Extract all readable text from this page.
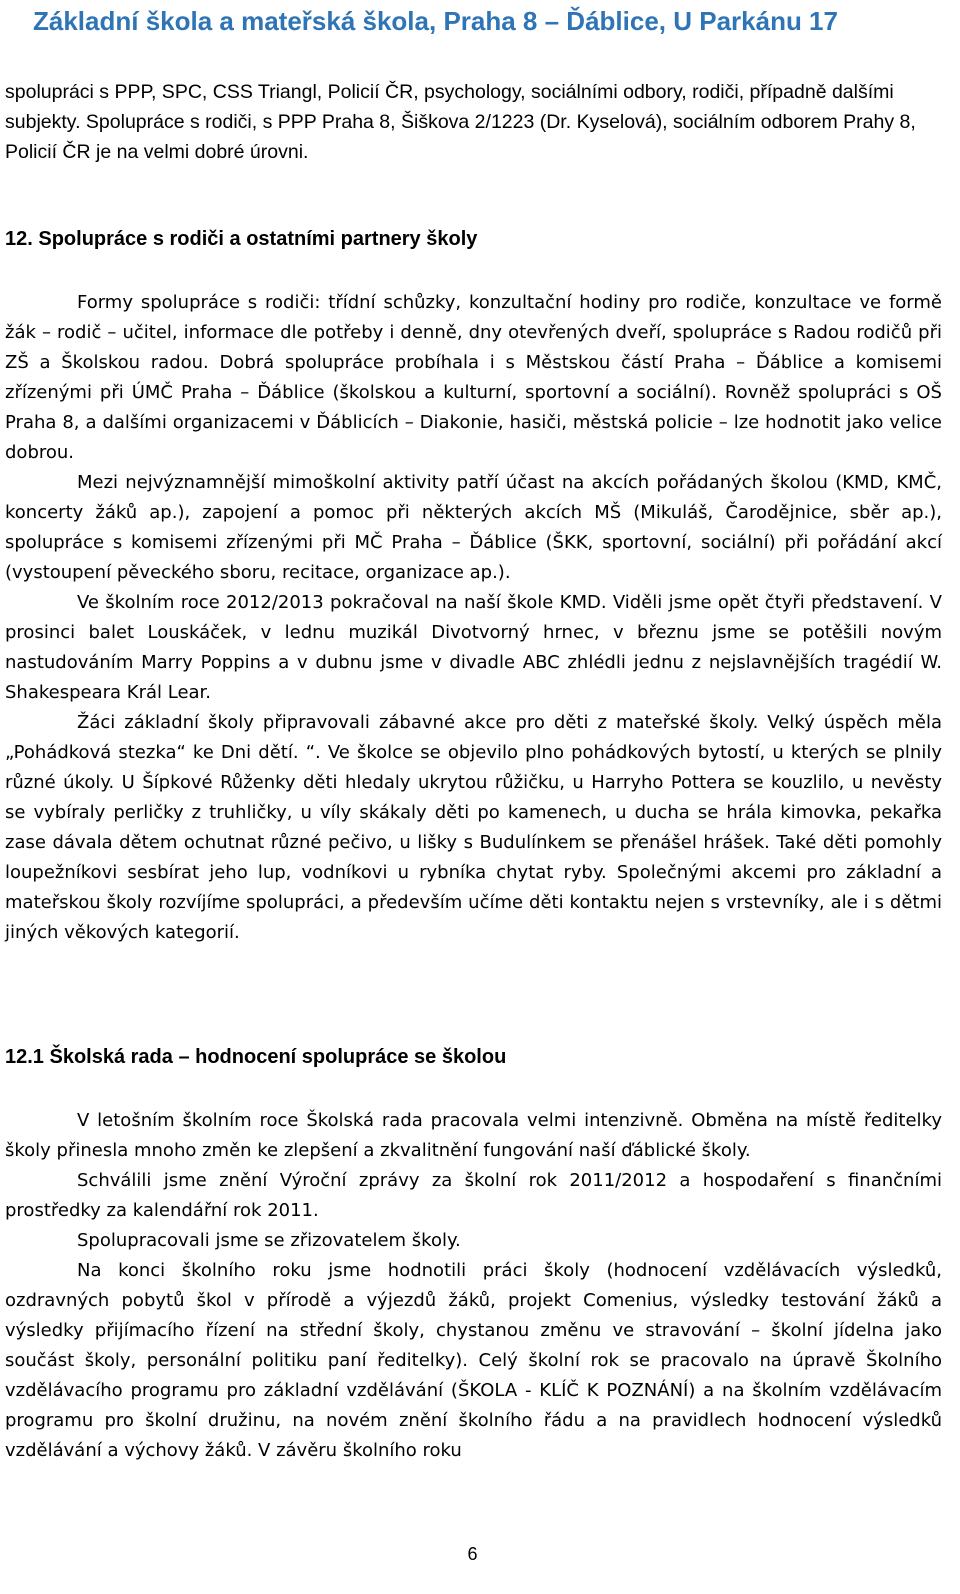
Základní škola a mateřská škola, Praha 8 – Ďáblice, U Parkánu 17
spolupráci s PPP, SPC, CSS Triangl, Policií ČR, psychology, sociálními odbory, rodiči, případně dalšími subjekty. Spolupráce s rodiči, s PPP Praha 8, Šiškova 2/1223 (Dr. Kyselová), sociálním odborem Prahy 8, Policií ČR je na velmi dobré úrovni.
12. Spolupráce s rodiči a ostatními partnery školy

Formy spolupráce s rodiči: třídní schůzky, konzultační hodiny pro rodiče, konzultace ve formě žák – rodič – učitel, informace dle potřeby i denně, dny otevřených dveří, spolupráce s Radou rodičů při ZŠ a Školskou radou. Dobrá spolupráce probíhala i s Městskou částí Praha – Ďáblice a komisemi zřízenými při ÚMČ Praha – Ďáblice (školskou a kulturní, sportovní a sociální). Rovněž spolupráci s OŠ Praha 8, a dalšími organizacemi v Ďáblicích – Diakonie, hasiči, městská policie – lze hodnotit jako velice dobrou.

Mezi nejvýznamnější mimoškolní aktivity patří účast na akcích pořádaných školou (KMD, KMČ, koncerty žáků ap.), zapojení a pomoc při některých akcích MŠ (Mikuláš, Čarodějnice, sběr ap.), spolupráce s komisemi zřízenými při MČ Praha – Ďáblice (ŠKK, sportovní, sociální) při pořádání akcí (vystoupení pěveckého sboru, recitace, organizace ap.).

Ve školním roce 2012/2013 pokračoval na naší škole KMD. Viděli jsme opět čtyři představení. V prosinci balet Louskáček, v lednu muzikál Divotvorný hrnec, v březnu jsme se potěšili novým nastudováním Marry Poppins a v dubnu jsme v divadle ABC zhlédli jednu z nejslavnějších tragédií W. Shakespeara Král Lear.

Žáci základní školy připravovali zábavné akce pro děti z mateřské školy. Velký úspěch měla „Pohádková stezka“ ke Dni dětí. “. Ve školce se objevilo plno pohádkových bytostí, u kterých se plnily různé úkoly. U Šípkové Růženky děti hledaly ukrytou růžičku, u Harryho Pottera se kouzlilo, u nevěsty se vybíraly perličky z truhličky, u víly skákaly děti po kamenech, u ducha se hrála kimovka, pekařka zase dávala dětem ochutnat různé pečivo, u lišky s Budulínkem se přenášel hrášek. Také děti pomohly loupežníkovi sesbírat jeho lup, vodníkovi u rybníka chytat ryby. Společnými akcemi pro základní a mateřskou školy rozvíjíme spolupráci, a především učíme děti kontaktu nejen s vrstevníky, ale i s dětmi jiných věkových kategorií.

12.1 Školská rada – hodnocení spolupráce se školou

V letošním školním roce Školská rada pracovala velmi intenzivně. Obměna na místě ředitelky školy přinesla mnoho změn ke zlepšení a zkvalitnění fungování naší ďáblické školy.

Schválili jsme znění Výroční zprávy za školní rok 2011/2012 a hospodaření s finančními prostředky za kalendářní rok 2011.

Spolupracovali jsme se zřizovatelem školy.

Na konci školního roku jsme hodnotili práci školy (hodnocení vzdělávacích výsledků, ozdravných pobytů škol v přírodě a výjezdů žáků, projekt Comenius, výsledky testování žáků a výsledky přijímacího řízení na střední školy, chystanou změnu ve stravování – školní jídelna jako součást školy, personální politiku paní ředitelky). Celý školní rok se pracovalo na úpravě Školního vzdělávacího programu pro základní vzdělávání (ŠKOLA - KLÍČ K POZNÁNÍ) a na školním vzdělávacím programu pro školní družinu, na novém znění školního řádu a na pravidlech hodnocení výsledků vzdělávání a výchovy žáků. V závěru školního roku

6
